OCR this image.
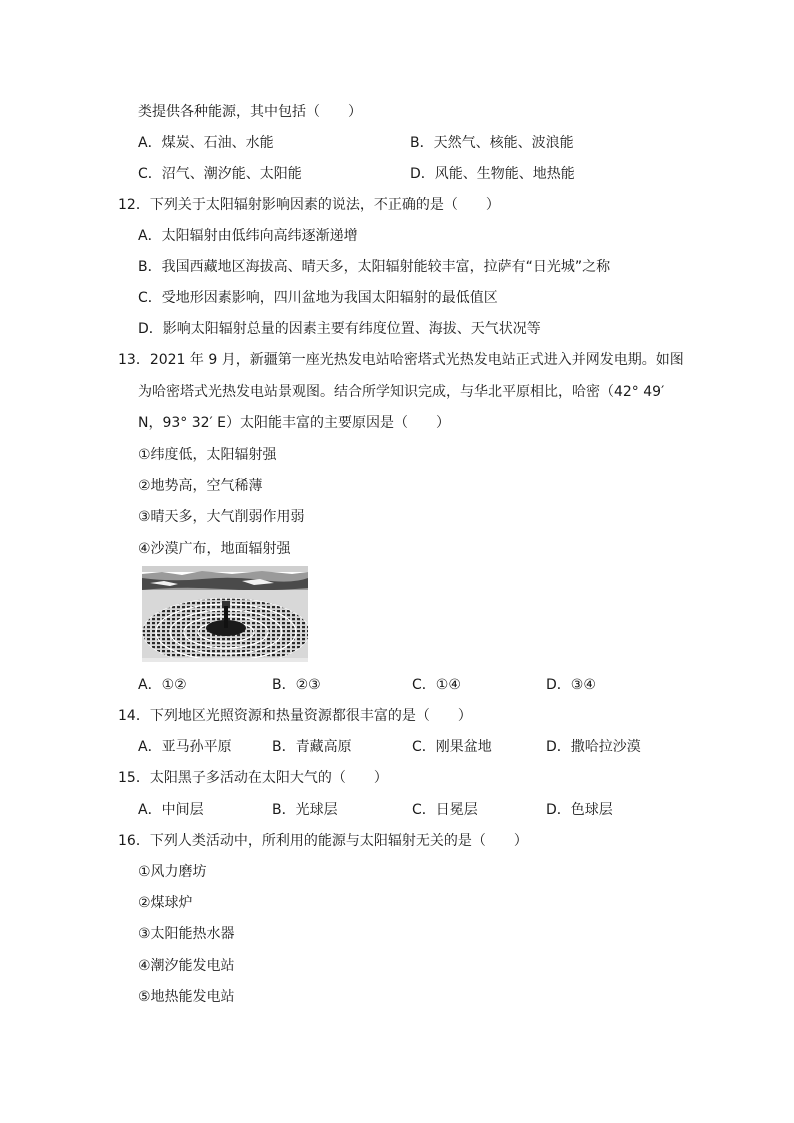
类提供各种能源，其中包括（　　）
A．煤炭、石油、水能	B．天然气、核能、波浪能
C．沼气、潮汐能、太阳能	D．风能、生物能、地热能
12．下列关于太阳辐射影响因素的说法，不正确的是（　　）
A．太阳辐射由低纬向高纬逐渐递增
B．我国西藏地区海拔高、晴天多，太阳辐射能较丰富，拉萨有“日光城”之称
C．受地形因素影响，四川盆地为我国太阳辐射的最低值区
D．影响太阳辐射总量的因素主要有纬度位置、海拔、天气状况等
13．2021 年 9 月，新疆第一座光热发电站哈密塔式光热发电站正式进入并网发电期。如图
为哈密塔式光热发电站景观图。结合所学知识完成，与华北平原相比，哈密（42° 49′
N，93° 32′ E）太阳能丰富的主要原因是（　　）
①纬度低，太阳辐射强
②地势高，空气稀薄
③晴天多，大气削弱作用弱
④沙漠广布，地面辐射强
A．①②	B．②③	C．①④	D．③④
14．下列地区光照资源和热量资源都很丰富的是（　　）
A．亚马孙平原	B．青藏高原	C．刚果盆地	D．撒哈拉沙漠
15．太阳黑子多活动在太阳大气的（　　）
A．中间层	B．光球层	C．日冕层	D．色球层
16．下列人类活动中，所利用的能源与太阳辐射无关的是（　　）
①风力磨坊
②煤球炉
③太阳能热水器
④潮汐能发电站
⑤地热能发电站
